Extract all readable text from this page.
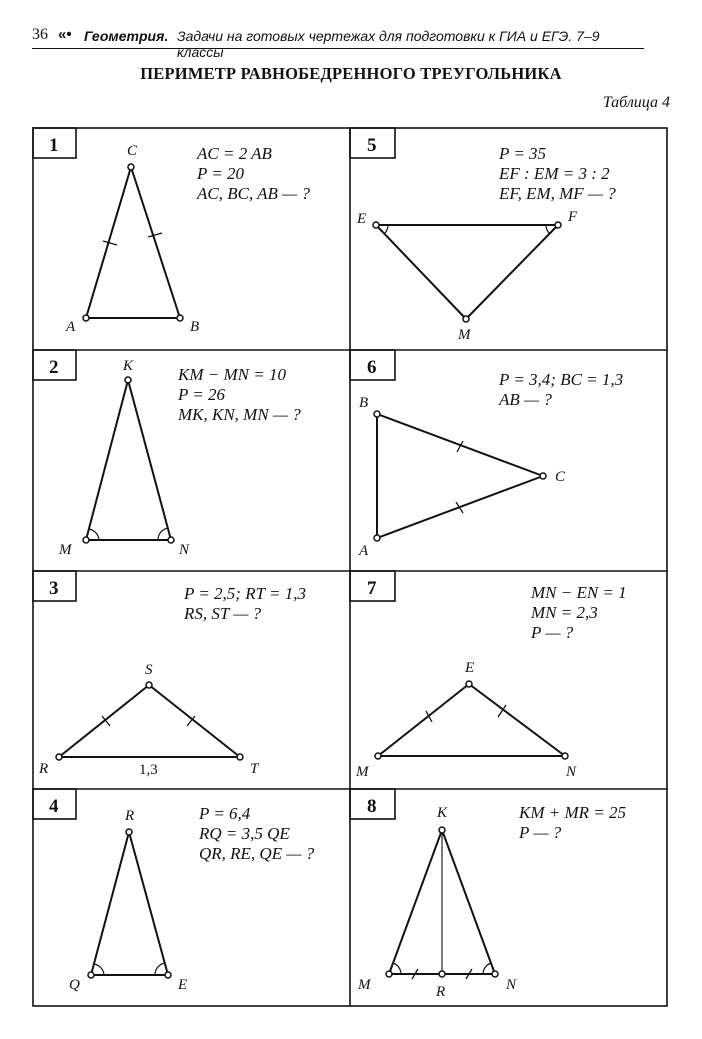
36 «• Геометрия. Задачи на готовых чертежах для подготовки к ГИА и ЕГЭ. 7–9 классы
ПЕРИМЕТР РАВНОБЕДРЕННОГО ТРЕУГОЛЬНИКА
Таблица 4
1
2
3
4
5
6
7
8
C
A	B
AC = 2 AB
P = 20
AC, BC, AB — ?
K
M	N
KM − MN = 10
P = 26
MK, KN, MN — ?
S
R	T
1,3
P = 2,5; RT = 1,3
RS, ST — ?
R
Q	E
P = 6,4
RQ = 3,5 QE
QR, RE, QE — ?
E	F
M
P = 35
EF : EM = 3 : 2
EF, EM, MF — ?
B
C
A
P = 3,4; BC = 1,3
AB — ?
E
M	N
MN − EN = 1
MN = 2,3
P — ?
K
M	R	N
KM + MR = 25
P — ?
